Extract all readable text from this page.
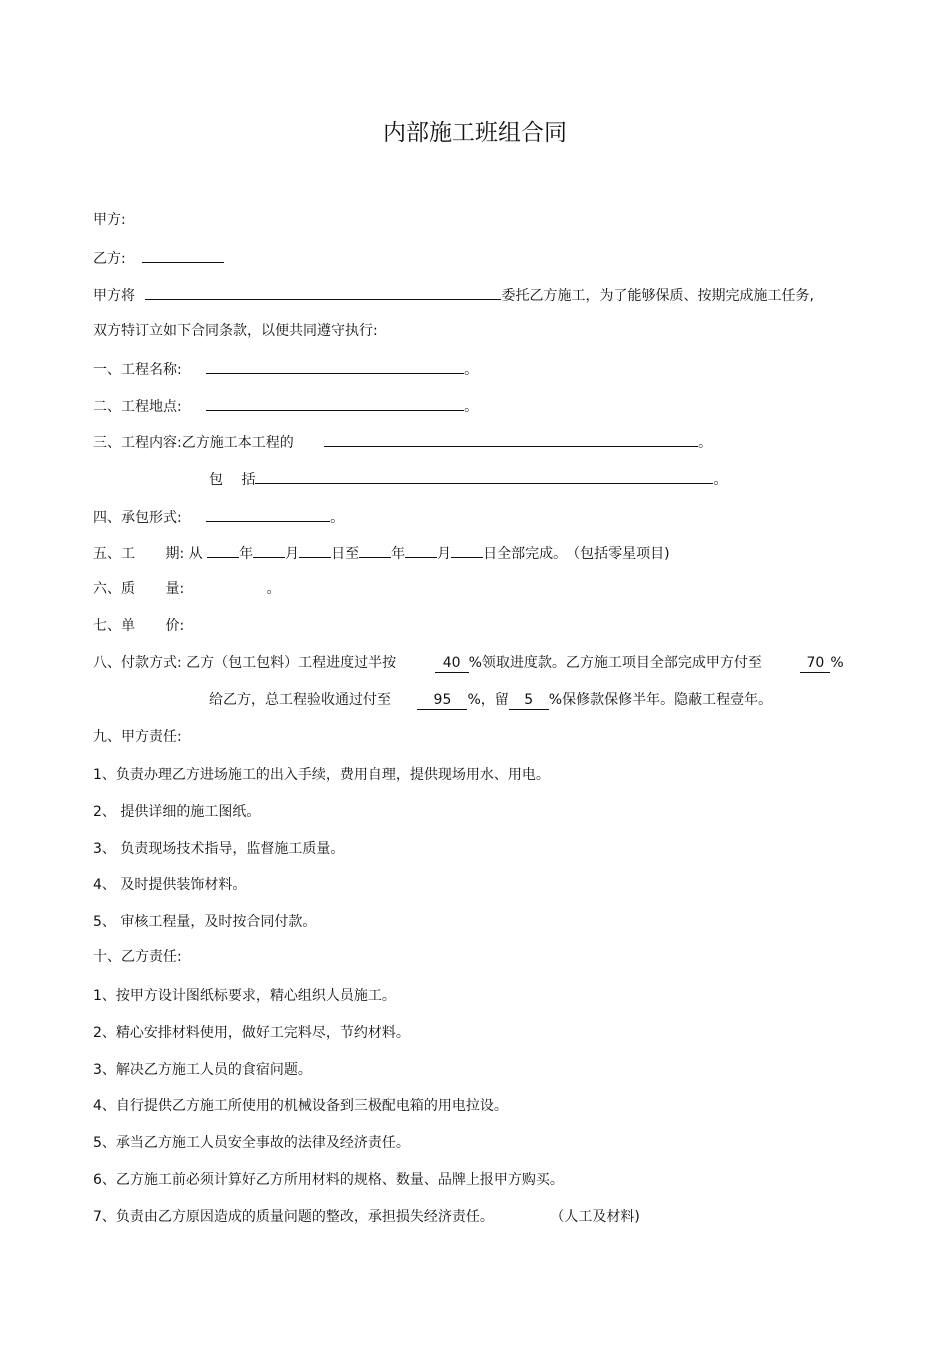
内部施工班组合同
甲方:
乙方:
甲方将	委托乙方施工，为了能够保质、按期完成施工任务,
双方特订立如下合同条款，以便共同遵守执行:
一、工程名称:	。
二、工程地点:	。
三、工程内容:乙方施工本工程的	。
包 括	。
四、承包形式:	。
五、工 期: 从	年 月 日至 年 月 日全部完成。 （包括零星项目)
六、质 量:	。
七、单 价:
八、付款方式: 乙方（包工包料）工程进度过半按	40 %领取进度款。乙方施工项目全部完成甲方付至	70 %
给乙方，总工程验收通过付至	95 %，留 5 %保修款保修半年。隐蔽工程壹年。
九、甲方责任:
1、负责办理乙方进场施工的出入手续，费用自理，提供现场用水、用电。
2、 提供详细的施工图纸。
3、 负责现场技术指导，监督施工质量。
4、 及时提供装饰材料。
5、 审核工程量，及时按合同付款。
十、乙方责任:
1、按甲方设计图纸标要求，精心组织人员施工。
2、精心安排材料使用，做好工完料尽，节约材料。
3、解决乙方施工人员的食宿问题。
4、自行提供乙方施工所使用的机械设备到三极配电箱的用电拉设。
5、承当乙方施工人员安全事故的法律及经济责任。
6、乙方施工前必须计算好乙方所用材料的规格、数量、品牌上报甲方购买。
7、负责由乙方原因造成的质量问题的整改，承担损失经济责任。	（人工及材料)
